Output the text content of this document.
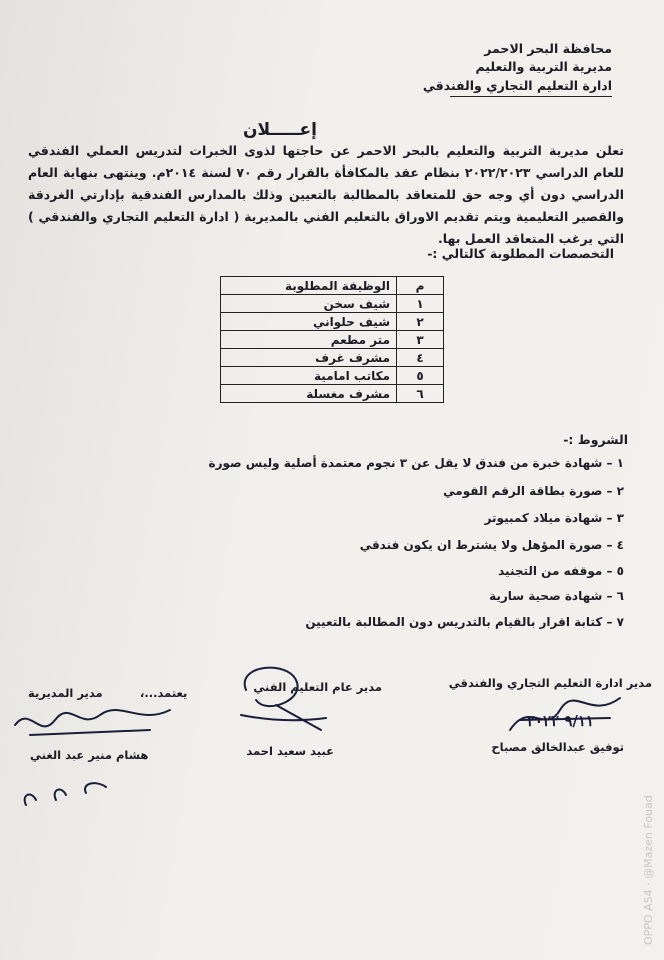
محافظة البحر الاحمر
مديرية التربية والتعليم
ادارة التعليم التجاري والفندقي
إعـــــلان
تعلن مديرية التربية والتعليم بالبحر الاحمر عن حاجتها لذوى الخبرات لتدريس العملي الفندقي للعام الدراسي ٢٠٢٢/٢٠٢٣ بنظام عقد بالمكافأة بالقرار رقم ٧٠ لسنة ٢٠١٤م. وينتهى بنهاية العام الدراسي دون أي وجه حق للمتعاقد بالمطالبة بالتعيين وذلك بالمدارس الفندقية بإدارتي الغردقة والقصير التعليمية ويتم تقديم الاوراق بالتعليم الفني بالمديرية ( ادارة التعليم التجاري والفندقي ) التي يرغب المتعاقد العمل بها.
التخصصات المطلوبة كالتالي :-
م	الوظيفة المطلوبة
١	شيف سخن
٢	شيف حلواني
٣	متر مطعم
٤	مشرف غرف
٥	مكاتب امامية
٦	مشرف مغسلة
الشروط :-
١ – شهادة خبرة من فندق لا يقل عن ٣ نجوم معتمدة أصلية وليس صورة
٢ – صورة بطاقة الرقم القومي
٣ – شهادة ميلاد كمبيوتر
٤ – صورة المؤهل ولا يشترط ان يكون فندقي
٥ – موقفه من التجنيد
٦ – شهادة صحية سارية
٧ – كتابة اقرار بالقيام بالتدريس دون المطالبة بالتعيين
مدير ادارة التعليم التجاري والفندقي
٩/١١ ٢٠٢٢
توفيق عبدالخالق مصباح
مدير عام التعليم الفني
عبيد سعيد احمد
يعتمد...،
مدير المديرية
هشام منير عبد الغني
OPPO A54 · @Mazen Fouad
